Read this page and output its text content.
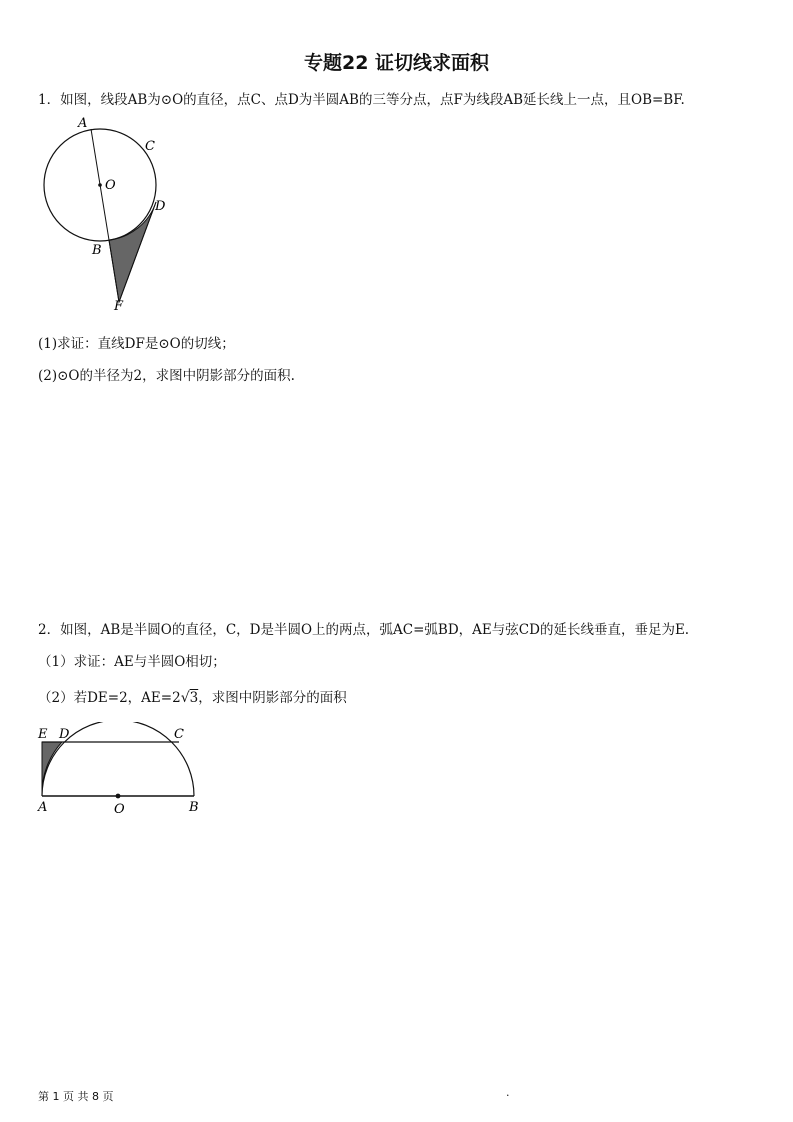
专题22 证切线求面积
1．如图，线段AB为⊙O的直径，点C、点D为半圆AB的三等分点，点F为线段AB延长线上一点，且OB=BF.
A
C
O
D
B
F
(1)求证：直线DF是⊙O的切线；
(2)⊙O的半径为2，求图中阴影部分的面积.
2．如图，AB是半圆O的直径，C，D是半圆O上的两点，弧AC=弧BD，AE与弦CD的延长线垂直，垂足为E.
（1）求证：AE与半圆O相切；
（2）若DE=2，AE=2√3，求图中阴影部分的面积
E D	C
A	O	B
第 1 页 共 8 页	.
